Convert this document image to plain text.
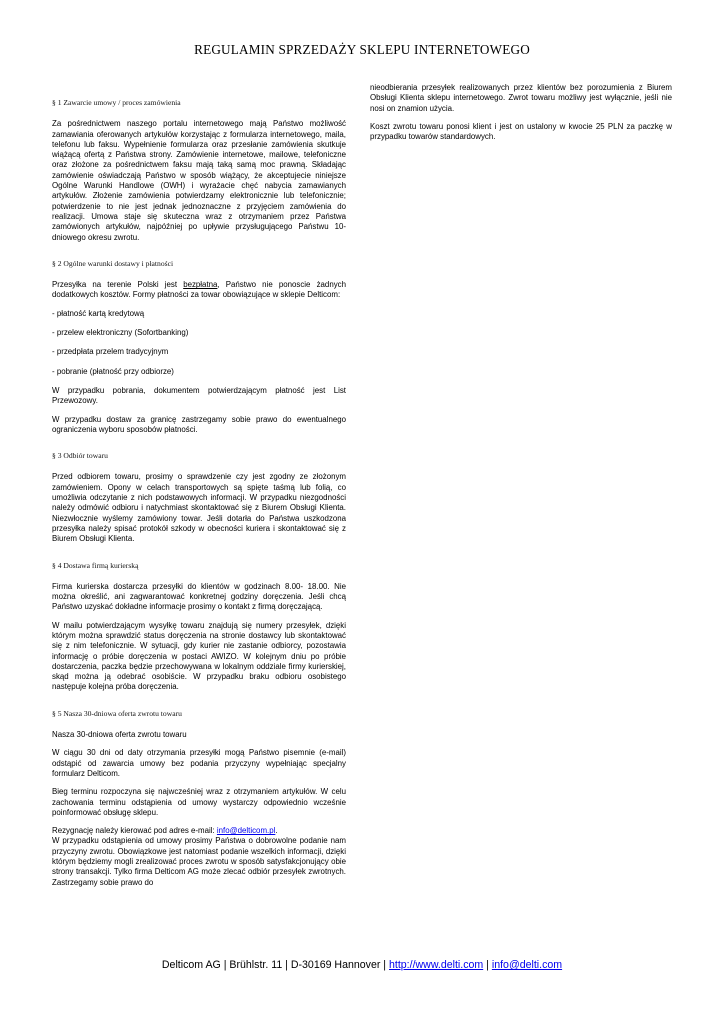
REGULAMIN SPRZEDAŻY SKLEPU INTERNETOWEGO
§ 1 Zawarcie umowy / proces zamówienia

Za pośrednictwem naszego portalu internetowego mają Państwo możliwość zamawiania oferowanych artykułów korzystając z formularza internetowego, maila, telefonu lub faksu. Wypełnienie formularza oraz przesłanie zamówienia skutkuje wiążącą ofertą z Państwa strony. Zamówienie internetowe, mailowe, telefoniczne oraz złożone za pośrednictwem faksu mają taką samą moc prawną. Składając zamówienie oświadczają Państwo w sposób wiążący, że akceptujecie niniejsze Ogólne Warunki Handlowe (OWH) i wyrażacie chęć nabycia zamawianych artykułów. Złożenie zamówienia potwierdzamy elektronicznie lub telefonicznie; potwierdzenie to nie jest jednak jednoznaczne z przyjęciem zamówienia do realizacji. Umowa staje się skuteczna wraz z otrzymaniem przez Państwa zamówionych artykułów, najpóźniej po upływie przysługującego Państwu 10-dniowego okresu zwrotu.

§ 2 Ogólne warunki dostawy i płatności

Przesyłka na terenie Polski jest bezpłatna, Państwo nie ponoscie żadnych dodatkowych kosztów. Formy płatności za towar obowiązujące w sklepie Delticom:

- płatność kartą kredytową

- przelew elektroniczny (Sofortbanking)

- przedpłata przelem tradycyjnym

- pobranie (płatność przy odbiorze)

W przypadku pobrania, dokumentem potwierdzającym płatność jest List Przewozowy.

W przypadku dostaw za granicę zastrzegamy sobie prawo do ewentualnego ograniczenia wyboru sposobów płatności.

§ 3 Odbiór towaru

Przed odbiorem towaru, prosimy o sprawdzenie czy jest zgodny ze złożonym zamówieniem. Opony w celach transportowych są spięte taśmą lub folią, co umożliwia odczytanie z nich podstawowych informacji. W przypadku niezgodności należy odmówić odbioru i natychmiast skontaktować się z Biurem Obsługi Klienta. Niezwłocznie wyślemy zamówiony towar. Jeśli dotarła do Państwa uszkodzona przesyłka należy spisać protokół szkody w obecności kuriera i skontaktować się z Biurem Obsługi Klienta.

§ 4 Dostawa firmą kurierską

Firma kurierska dostarcza przesyłki do klientów w godzinach 8.00- 18.00. Nie można określić, ani zagwarantować konkretnej godziny doręczenia. Jeśli chcą Państwo uzyskać dokładne informacje prosimy o kontakt z firmą doręczającą.

W mailu potwierdzającym wysyłkę towaru znajdują się numery przesyłek, dzięki którym można sprawdzić status doręczenia na stronie dostawcy lub skontaktować się z nim telefonicznie. W sytuacji, gdy kurier nie zastanie odbiorcy, pozostawia informację o próbie doręczenia w postaci AWIZO. W kolejnym dniu po próbie dostarczenia, paczka będzie przechowywana w lokalnym oddziale firmy kurierskiej, skąd można ją odebrać osobiście. W przypadku braku odbioru osobistego następuje kolejna próba doręczenia.

§ 5 Nasza 30-dniowa oferta zwrotu towaru

Nasza 30-dniowa oferta zwrotu towaru

W ciągu 30 dni od daty otrzymania przesyłki mogą Państwo pisemnie (e-mail) odstąpić od zawarcia umowy bez podania przyczyny wypełniając specjalny formularz Delticom.

Bieg terminu rozpoczyna się najwcześniej wraz z otrzymaniem artykułów. W celu zachowania terminu odstąpienia od umowy wystarczy odpowiednio wcześnie poinformować obsługę sklepu.

Rezygnację należy kierować pod adres e-mail: info@delticom.pl.

W przypadku odstąpienia od umowy prosimy Państwa o dobrowolne podanie nam przyczyny zwrotu. Obowiązkowe jest natomiast podanie wszelkich informacji, dzięki którym będziemy mogli zrealizować proces zwrotu w sposób satysfakcjonujący obie strony transakcji. Tylko firma Delticom AG może zlecać odbiór przesyłek zwrotnych. Zastrzegamy sobie prawo do

nieodbierania przesyłek realizowanych przez klientów bez porozumienia z Biurem Obsługi Klienta sklepu internetowego. Zwrot towaru możliwy jest wyłącznie, jeśli nie nosi on znamion użycia.

Koszt zwrotu towaru ponosi klient i jest on ustalony w kwocie 25 PLN za paczkę w przypadku towarów standardowych.

Delticom AG | Brühlstr. 11 | D-30169 Hannover | http://www.delti.com | info@delti.com
